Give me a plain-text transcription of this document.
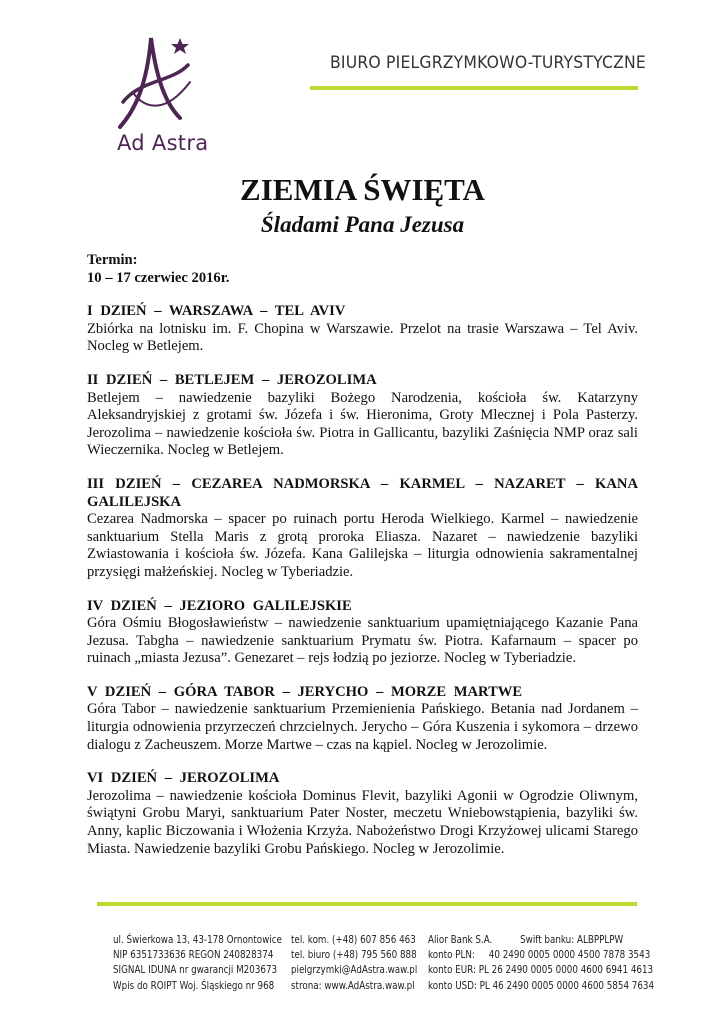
Ad Astra
BIURO PIELGRZYMKOWO-TURYSTYCZNE
ZIEMIA ŚWIĘTA
Śladami Pana Jezusa
Termin:
10 – 17 czerwiec 2016r.
I DZIEŃ – WARSZAWA – TEL AVIV

Zbiórka na lotnisku im. F. Chopina w Warszawie. Przelot na trasie Warszawa – Tel Aviv. Nocleg w Betlejem.

II DZIEŃ – BETLEJEM – JEROZOLIMA

Betlejem – nawiedzenie bazyliki Bożego Narodzenia, kościoła św. Katarzyny Aleksandryjskiej z grotami św. Józefa i św. Hieronima, Groty Mlecznej i Pola Pasterzy. Jerozolima – nawiedzenie kościoła św. Piotra in Gallicantu, bazyliki Zaśnięcia NMP oraz sali Wieczernika. Nocleg w Betlejem.

III DZIEŃ – CEZAREA NADMORSKA – KARMEL – NAZARET – KANA GALILEJSKA

Cezarea Nadmorska – spacer po ruinach portu Heroda Wielkiego. Karmel – nawiedzenie sanktuarium Stella Maris z grotą proroka Eliasza. Nazaret – nawiedzenie bazyliki Zwiastowania i kościoła św. Józefa. Kana Galilejska – liturgia odnowienia sakramentalnej przysięgi małżeńskiej. Nocleg w Tyberiadzie.

IV DZIEŃ – JEZIORO GALILEJSKIE

Góra Ośmiu Błogosławieństw – nawiedzenie sanktuarium upamiętniającego Kazanie Pana Jezusa. Tabgha – nawiedzenie sanktuarium Prymatu św. Piotra. Kafarnaum – spacer po ruinach „miasta Jezusa”. Genezaret – rejs łodzią po jeziorze. Nocleg w Tyberiadzie.

V DZIEŃ – GÓRA TABOR – JERYCHO – MORZE MARTWE

Góra Tabor – nawiedzenie sanktuarium Przemienienia Pańskiego. Betania nad Jordanem – liturgia odnowienia przyrzeczeń chrzcielnych. Jerycho – Góra Kuszenia i sykomora – drzewo dialogu z Zacheuszem. Morze Martwe – czas na kąpiel. Nocleg w Jerozolimie.

VI DZIEŃ – JEROZOLIMA

Jerozolima – nawiedzenie kościoła Dominus Flevit, bazyliki Agonii w Ogrodzie Oliwnym, świątyni Grobu Maryi, sanktuarium Pater Noster, meczetu Wniebowstąpienia, bazyliki św. Anny, kaplic Biczowania i Włożenia Krzyża. Nabożeństwo Drogi Krzyżowej ulicami Starego Miasta. Nawiedzenie bazyliki Grobu Pańskiego. Nocleg w Jerozolimie.

ul. Świerkowa 13, 43-178 Ornontowice
NIP 6351733636 REGON 240828374
SIGNAL IDUNA nr gwarancji M203673
Wpis do ROIPT Woj. Śląskiego nr 968
tel. kom. (+48) 607 856 463
tel. biuro (+48) 795 560 888
pielgrzymki@AdAstra.waw.pl
strona: www.AdAstra.waw.pl
Alior Bank S.A.          Swift banku: ALBPPLPW
konto PLN:     40 2490 0005 0000 4500 7878 3543
konto EUR: PL 26 2490 0005 0000 4600 6941 4613
konto USD: PL 46 2490 0005 0000 4600 5854 7634
